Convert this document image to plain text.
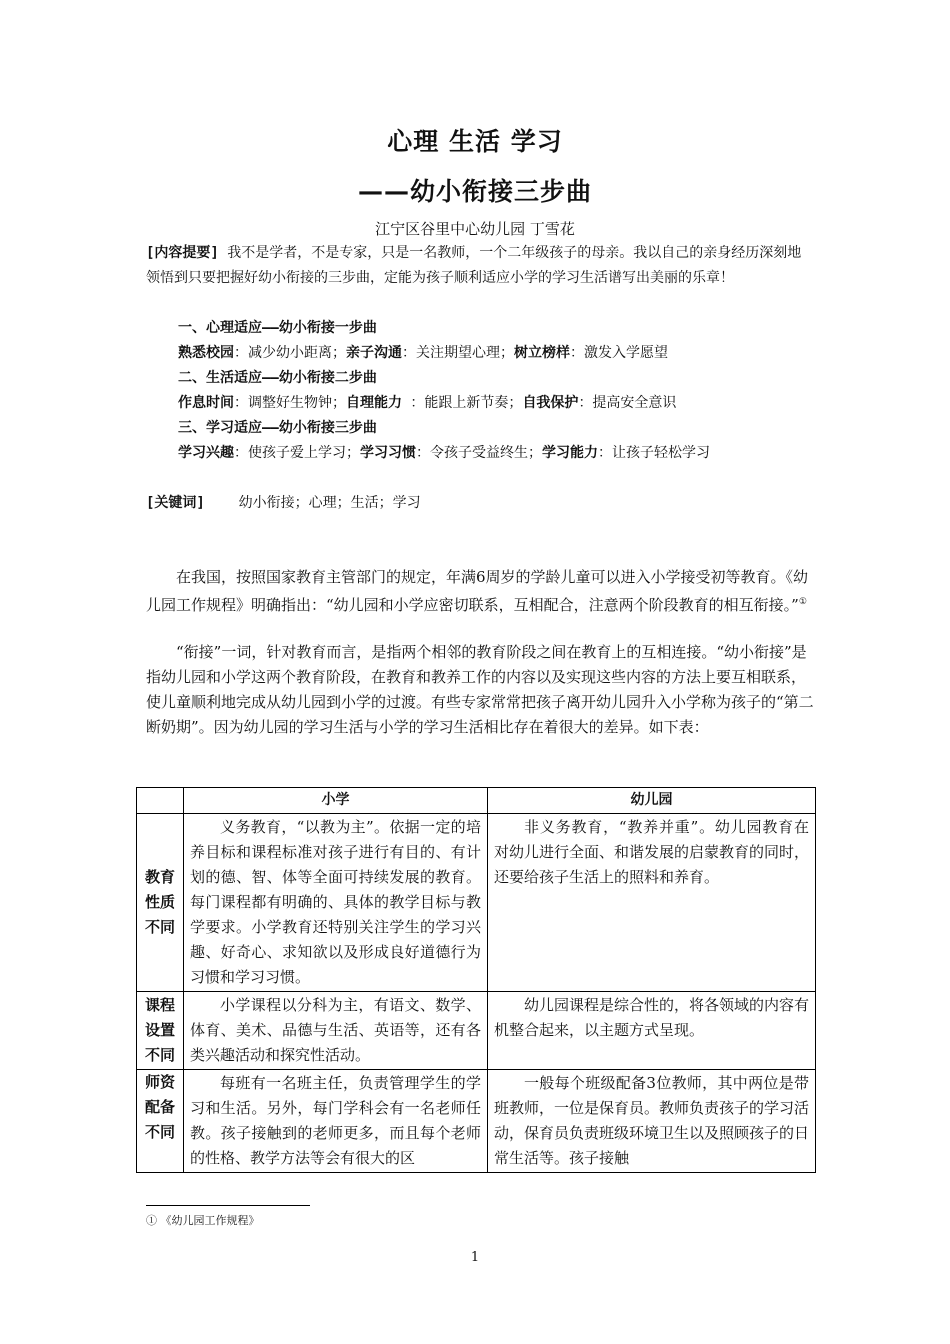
心理 生活 学习
——幼小衔接三步曲
江宁区谷里中心幼儿园 丁雪花
[内容提要] 我不是学者，不是专家，只是一名教师，一个二年级孩子的母亲。我以自己的亲身经历深刻地领悟到只要把握好幼小衔接的三步曲，定能为孩子顺利适应小学的学习生活谱写出美丽的乐章！
一、心理适应——幼小衔接一步曲
熟悉校园：减少幼小距离；亲子沟通：关注期望心理；树立榜样：激发入学愿望
二、生活适应——幼小衔接二步曲
作息时间：调整好生物钟；自理能力 ：能跟上新节奏；自我保护：提高安全意识
三、学习适应——幼小衔接三步曲
学习兴趣：使孩子爱上学习；学习习惯：令孩子受益终生；学习能力：让孩子轻松学习
[关键词] 幼小衔接；心理；生活；学习
在我国，按照国家教育主管部门的规定，年满6周岁的学龄儿童可以进入小学接受初等教育。《幼儿园工作规程》明确指出：“幼儿园和小学应密切联系，互相配合，注意两个阶段教育的相互衔接。”①
“衔接”一词，针对教育而言，是指两个相邻的教育阶段之间在教育上的互相连接。“幼小衔接”是指幼儿园和小学这两个教育阶段，在教育和教养工作的内容以及实现这些内容的方法上要互相联系，使儿童顺利地完成从幼儿园到小学的过渡。有些专家常常把孩子离开幼儿园升入小学称为孩子的“第二断奶期”。因为幼儿园的学习生活与小学的学习生活相比存在着很大的差异。如下表：
	小学	幼儿园
教育性质不同	义务教育，“以教为主”。依据一定的培养目标和课程标准对孩子进行有目的、有计划的德、智、体等全面可持续发展的教育。每门课程都有明确的、具体的教学目标与教学要求。小学教育还特别关注学生的学习兴趣、好奇心、求知欲以及形成良好道德行为习惯和学习习惯。	非义务教育，“教养并重”。幼儿园教育在对幼儿进行全面、和谐发展的启蒙教育的同时，还要给孩子生活上的照料和养育。
课程设置不同	小学课程以分科为主，有语文、数学、体育、美术、品德与生活、英语等，还有各类兴趣活动和探究性活动。	幼儿园课程是综合性的，将各领域的内容有机整合起来，以主题方式呈现。
师资配备不同	每班有一名班主任，负责管理学生的学习和生活。另外，每门学科会有一名老师任教。孩子接触到的老师更多，而且每个老师的性格、教学方法等会有很大的区	一般每个班级配备3位教师，其中两位是带班教师，一位是保育员。教师负责孩子的学习活动，保育员负责班级环境卫生以及照顾孩子的日常生活等。孩子接触
① 《幼儿园工作规程》
1
